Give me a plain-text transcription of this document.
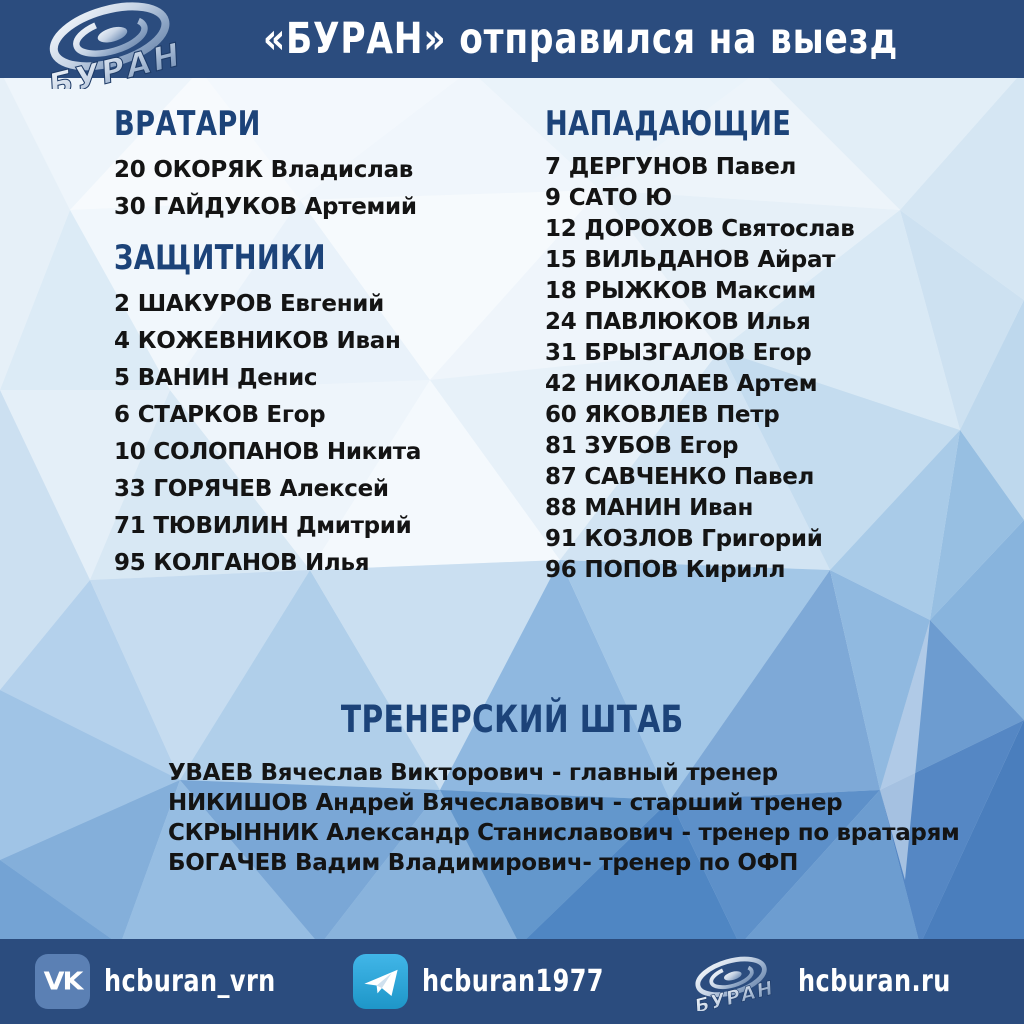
«БУРАН» отправился на выезд
ВРАТАРИ
20 ОКОРЯК Владислав
30 ГАЙДУКОВ Артемий
ЗАЩИТНИКИ
2 ШАКУРОВ Евгений
4 КОЖЕВНИКОВ Иван
5 ВАНИН Денис
6 СТАРКОВ Егор
10 СОЛОПАНОВ Никита
33 ГОРЯЧЕВ Алексей
71 ТЮВИЛИН Дмитрий
95 КОЛГАНОВ Илья
НАПАДАЮЩИЕ
7 ДЕРГУНОВ Павел
9 САТО Ю
12 ДОРОХОВ Святослав
15 ВИЛЬДАНОВ Айрат
18 РЫЖКОВ Максим
24 ПАВЛЮКОВ Илья
31 БРЫЗГАЛОВ Егор
42 НИКОЛАЕВ Артем
60 ЯКОВЛЕВ Петр
81 ЗУБОВ Егор
87 САВЧЕНКО Павел
88 МАНИН Иван
91 КОЗЛОВ Григорий
96 ПОПОВ Кирилл
ТРЕНЕРСКИЙ ШТАБ
УВАЕВ Вячеслав Викторович - главный тренер
НИКИШОВ Андрей Вячеславович - старший тренер
СКРЫННИК Александр Станиславович - тренер по вратарям
БОГАЧЕВ Вадим Владимирович- тренер по ОФП
VK hcburan_vrn	hcburan1977	hcburan.ru
